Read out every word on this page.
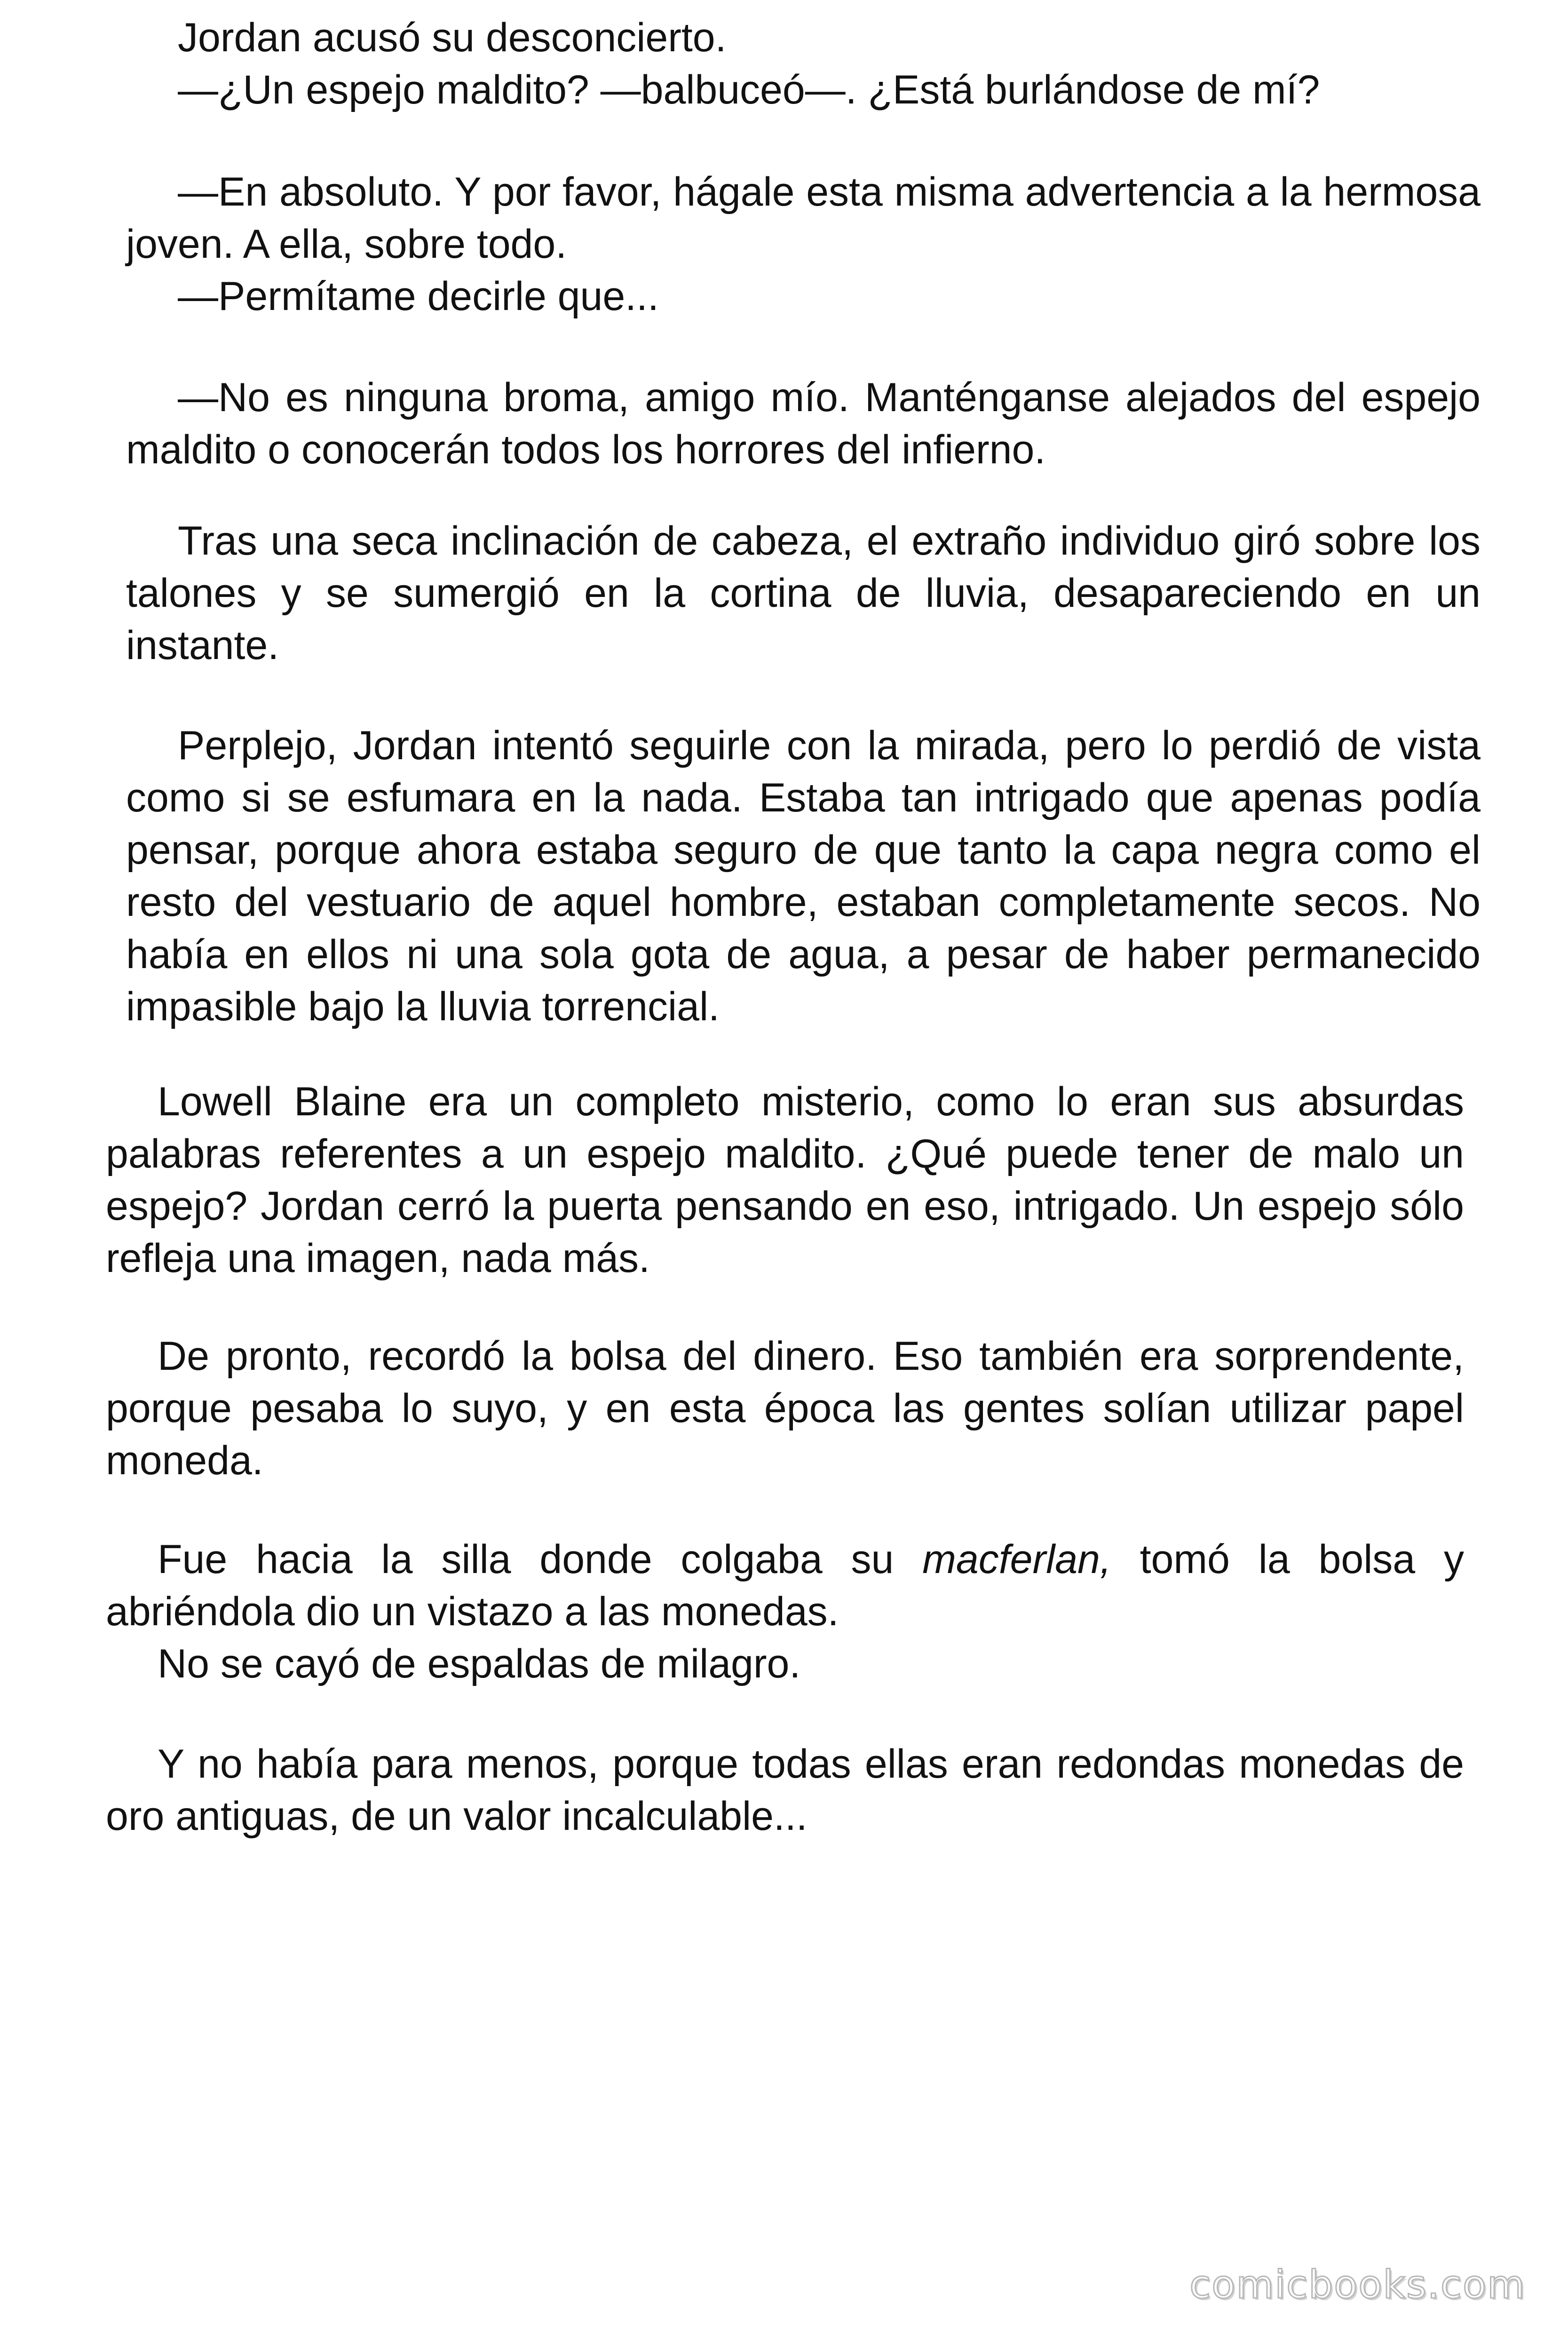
Jordan acusó su desconcierto.

—¿Un espejo maldito? —balbuceó—. ¿Está burlándose de mí?

—En absoluto. Y por favor, hágale esta misma advertencia a la hermosa joven. A ella, sobre todo.

—Permítame decirle que...

—No es ninguna broma, amigo mío. Manténganse alejados del espejo maldito o conocerán todos los horrores del infierno.

Tras una seca inclinación de cabeza, el extraño individuo giró sobre los talones y se sumergió en la cortina de lluvia, desapareciendo en un instante.

Perplejo, Jordan intentó seguirle con la mirada, pero lo perdió de vista como si se esfumara en la nada. Estaba tan intrigado que apenas podía pensar, porque ahora estaba seguro de que tanto la capa negra como el resto del vestuario de aquel hombre, estaban completamente secos. No había en ellos ni una sola gota de agua, a pesar de haber permanecido impasible bajo la lluvia torrencial.

Lowell Blaine era un completo misterio, como lo eran sus absurdas palabras referentes a un espejo maldito. ¿Qué puede tener de malo un espejo? Jordan cerró la puerta pensando en eso, intrigado. Un espejo sólo refleja una imagen, nada más.

De pronto, recordó la bolsa del dinero. Eso también era sorprendente, porque pesaba lo suyo, y en esta época las gentes solían utilizar papel moneda.

Fue hacia la silla donde colgaba su macferlan, tomó la bolsa y abriéndola dio un vistazo a las monedas.

No se cayó de espaldas de milagro.

Y no había para menos, porque todas ellas eran redondas monedas de oro antiguas, de un valor incalculable...

comicbooks.com
